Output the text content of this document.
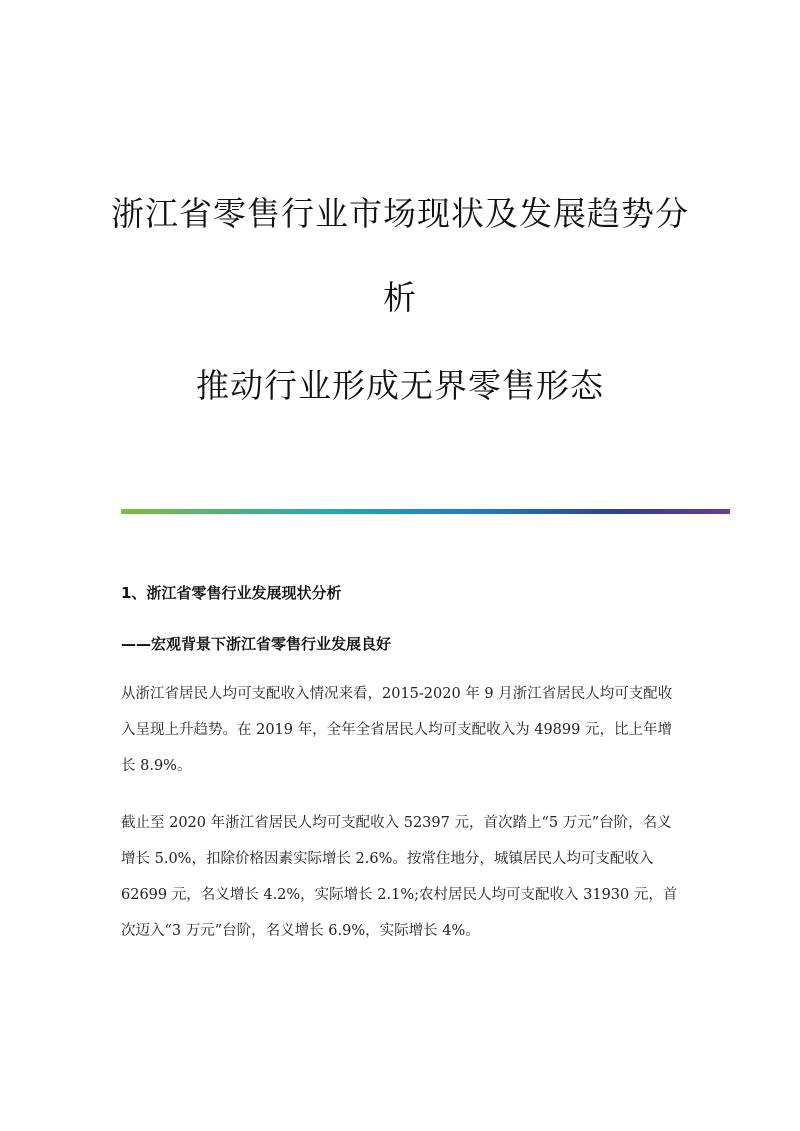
浙江省零售行业市场现状及发展趋势分
析
推动行业形成无界零售形态
1、浙江省零售行业发展现状分析
——宏观背景下浙江省零售行业发展良好

从浙江省居民人均可支配收入情况来看，2015-2020 年 9 月浙江省居民人均可支配收入呈现上升趋势。在 2019 年，全年全省居民人均可支配收入为 49899 元，比上年增长 8.9%。

截止至 2020 年浙江省居民人均可支配收入 52397 元，首次踏上“5 万元”台阶，名义增长 5.0%，扣除价格因素实际增长 2.6%。按常住地分，城镇居民人均可支配收入 62699 元，名义增长 4.2%，实际增长 2.1%;农村居民人均可支配收入 31930 元，首次迈入“3 万元”台阶，名义增长 6.9%，实际增长 4%。
